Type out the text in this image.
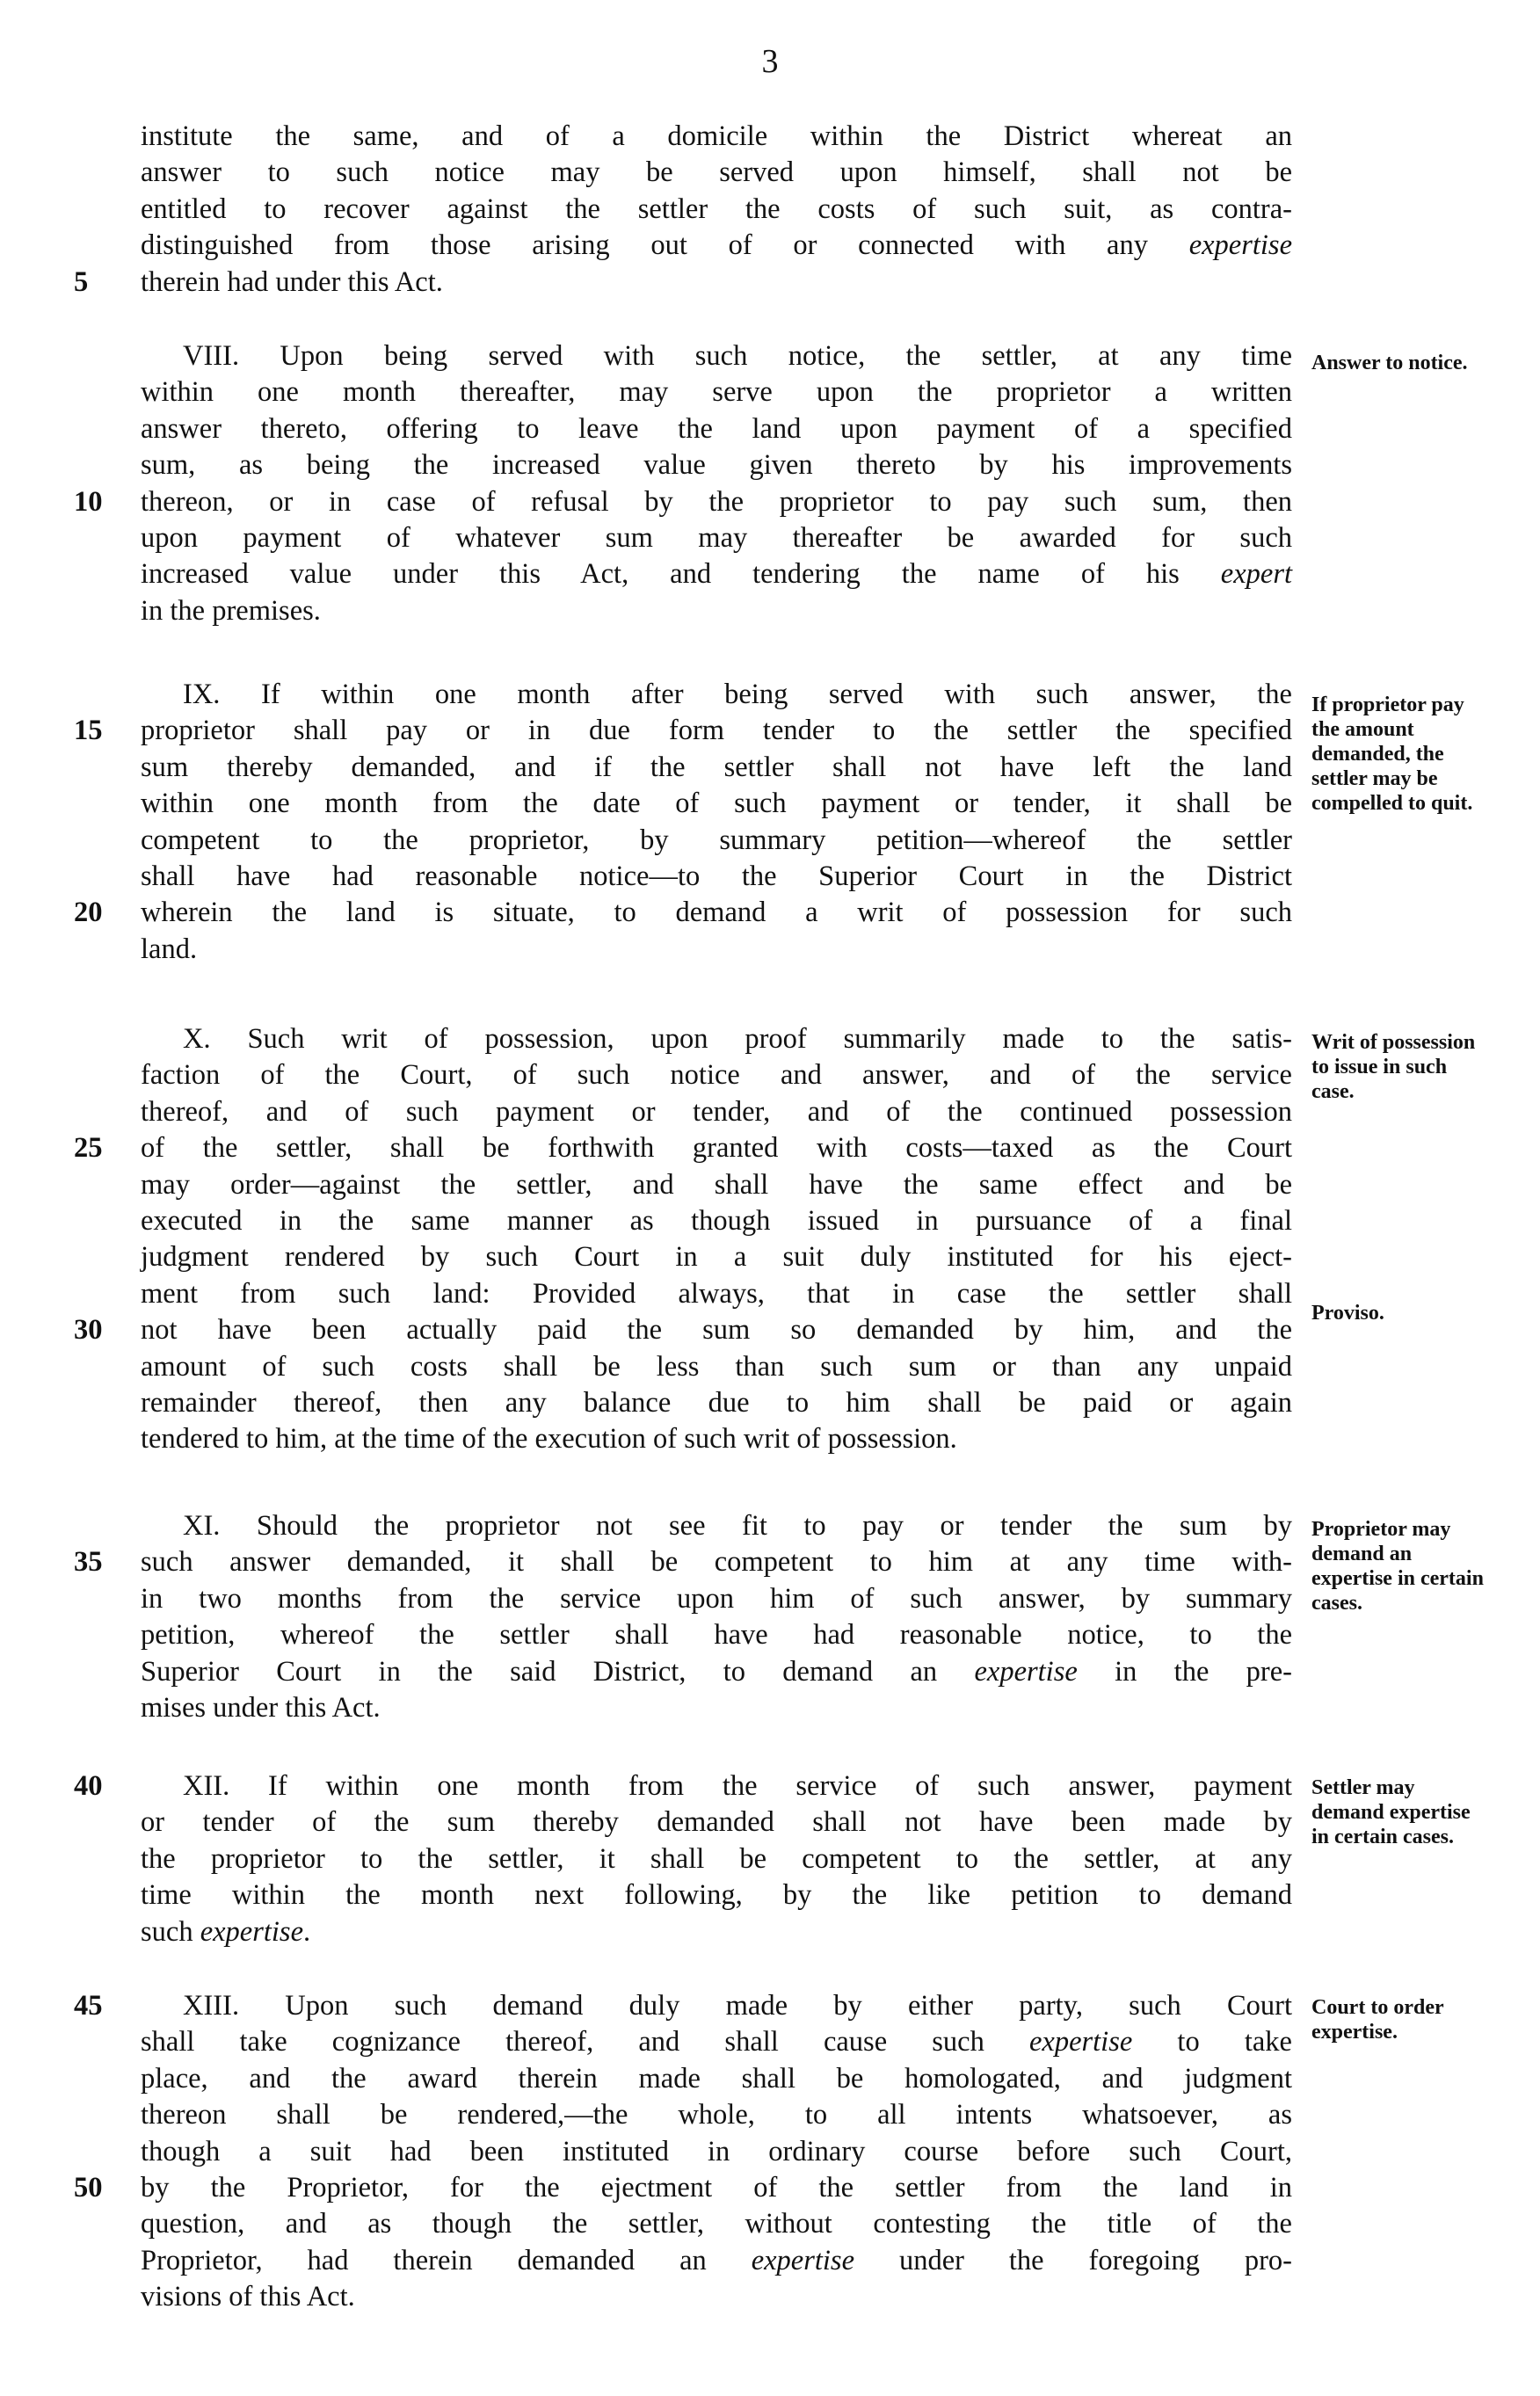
3
institute the same, and of a domicile within the District whereat an
answer to such notice may be served upon himself, shall not be
entitled to recover against the settler the costs of such suit, as contra-
distinguished from those arising out of or connected with any expertise
5	therein had under this Act.
VIII. Upon being served with such notice, the settler, at any time
within one month thereafter, may serve upon the proprietor a written
answer thereto, offering to leave the land upon payment of a specified
sum, as being the increased value given thereto by his improvements
10	thereon, or in case of refusal by the proprietor to pay such sum, then
upon payment of whatever sum may thereafter be awarded for such
increased value under this Act, and tendering the name of his expert
in the premises.
Answer to notice.
IX. If within one month after being served with such answer, the
15	proprietor shall pay or in due form tender to the settler the specified
sum thereby demanded, and if the settler shall not have left the land
within one month from the date of such payment or tender, it shall be
competent to the proprietor, by summary petition—whereof the settler
shall have had reasonable notice—to the Superior Court in the District
20	wherein the land is situate, to demand a writ of possession for such
land.
If proprietor pay the amount demanded, the settler may be compelled to quit.
X. Such writ of possession, upon proof summarily made to the satis-
faction of the Court, of such notice and answer, and of the service
thereof, and of such payment or tender, and of the continued possession
25	of the settler, shall be forthwith granted with costs—taxed as the Court
may order—against the settler, and shall have the same effect and be
executed in the same manner as though issued in pursuance of a final
judgment rendered by such Court in a suit duly instituted for his eject-
ment from such land: Provided always, that in case the settler shall
30	not have been actually paid the sum so demanded by him, and the
amount of such costs shall be less than such sum or than any unpaid
remainder thereof, then any balance due to him shall be paid or again
tendered to him, at the time of the execution of such writ of possession.
Writ of possession to issue in such case.
Proviso.
XI. Should the proprietor not see fit to pay or tender the sum by
35	such answer demanded, it shall be competent to him at any time with-
in two months from the service upon him of such answer, by summary
petition, whereof the settler shall have had reasonable notice, to the
Superior Court in the said District, to demand an expertise in the pre-
mises under this Act.
Proprietor may demand an expertise in certain cases.
40	XII. If within one month from the service of such answer, payment
or tender of the sum thereby demanded shall not have been made by
the proprietor to the settler, it shall be competent to the settler, at any
time within the month next following, by the like petition to demand
such expertise.
Settler may demand expertise in certain cases.
45	XIII. Upon such demand duly made by either party, such Court
shall take cognizance thereof, and shall cause such expertise to take
place, and the award therein made shall be homologated, and judgment
thereon shall be rendered,—the whole, to all intents whatsoever, as
though a suit had been instituted in ordinary course before such Court,
50	by the Proprietor, for the ejectment of the settler from the land in
question, and as though the settler, without contesting the title of the
Proprietor, had therein demanded an expertise under the foregoing pro-
visions of this Act.
Court to order expertise.
